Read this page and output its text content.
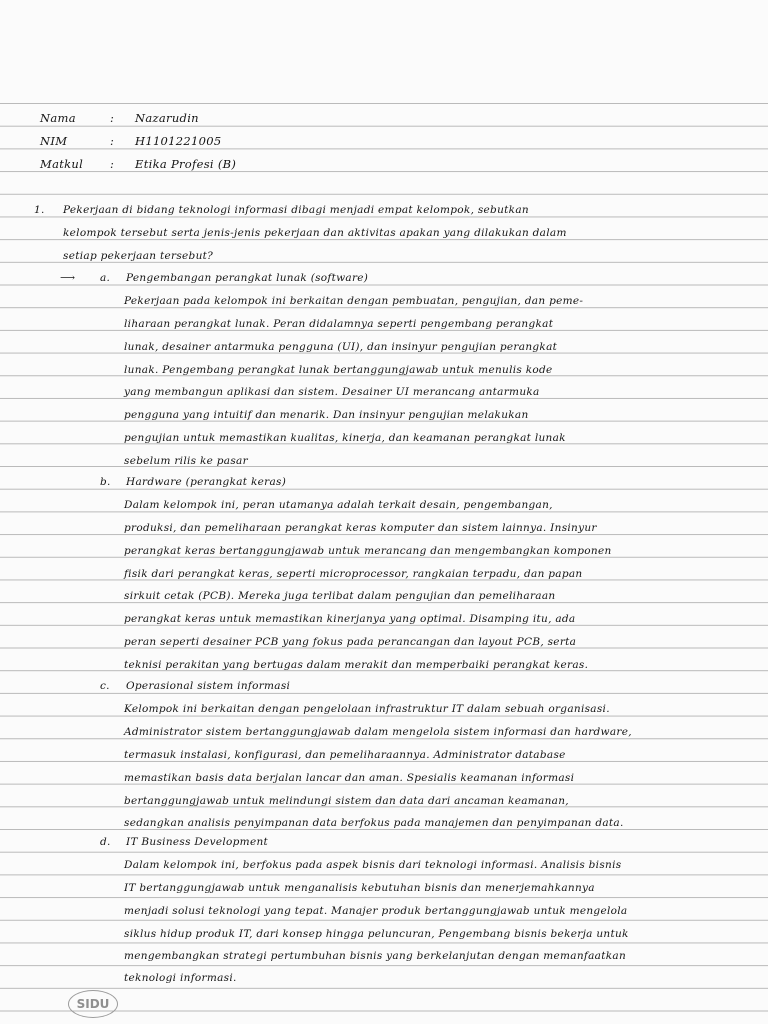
Nama	: Nazarudin
NIM	: H1101221005
Matkul : Etika Profesi (B)
1. Pekerjaan di bidang teknologi informasi dibagi menjadi empat kelompok, sebutkan
kelompok tersebut serta jenis-jenis pekerjaan dan aktivitas apakan yang dilakukan dalam
setiap pekerjaan tersebut?
⟶ a. Pengembangan perangkat lunak (software)
Pekerjaan pada kelompok ini berkaitan dengan pembuatan, pengujian, dan peme-
liharaan perangkat lunak. Peran didalamnya seperti pengembang perangkat
lunak, desainer antarmuka pengguna (UI), dan insinyur pengujian perangkat
lunak. Pengembang perangkat lunak bertanggungjawab untuk menulis kode
yang membangun aplikasi dan sistem. Desainer UI merancang antarmuka
pengguna yang intuitif dan menarik. Dan insinyur pengujian melakukan
pengujian untuk memastikan kualitas, kinerja, dan keamanan perangkat lunak
sebelum rilis ke pasar
b. Hardware (perangkat keras)
Dalam kelompok ini, peran utamanya adalah terkait desain, pengembangan,
produksi, dan pemeliharaan perangkat keras komputer dan sistem lainnya. Insinyur
perangkat keras bertanggungjawab untuk merancang dan mengembangkan komponen
fisik dari perangkat keras, seperti microprocessor, rangkaian terpadu, dan papan
sirkuit cetak (PCB). Mereka juga terlibat dalam pengujian dan pemeliharaan
perangkat keras untuk memastikan kinerjanya yang optimal. Disamping itu, ada
peran seperti desainer PCB yang fokus pada perancangan dan layout PCB, serta
teknisi perakitan yang bertugas dalam merakit dan memperbaiki perangkat keras.
c. Operasional sistem informasi
Kelompok ini berkaitan dengan pengelolaan infrastruktur IT dalam sebuah organisasi.
Administrator sistem bertanggungjawab dalam mengelola sistem informasi dan hardware,
termasuk instalasi, konfigurasi, dan pemeliharaannya. Administrator database
memastikan basis data berjalan lancar dan aman. Spesialis keamanan informasi
bertanggungjawab untuk melindungi sistem dan data dari ancaman keamanan,
sedangkan analisis penyimpanan data berfokus pada manajemen dan penyimpanan data.
d. IT Business Development
Dalam kelompok ini, berfokus pada aspek bisnis dari teknologi informasi. Analisis bisnis
IT bertanggungjawab untuk menganalisis kebutuhan bisnis dan menerjemahkannya
menjadi solusi teknologi yang tepat. Manajer produk bertanggungjawab untuk mengelola
siklus hidup produk IT, dari konsep hingga peluncuran, Pengembang bisnis bekerja untuk
mengembangkan strategi pertumbuhan bisnis yang berkelanjutan dengan memanfaatkan
teknologi informasi.
SIDU
